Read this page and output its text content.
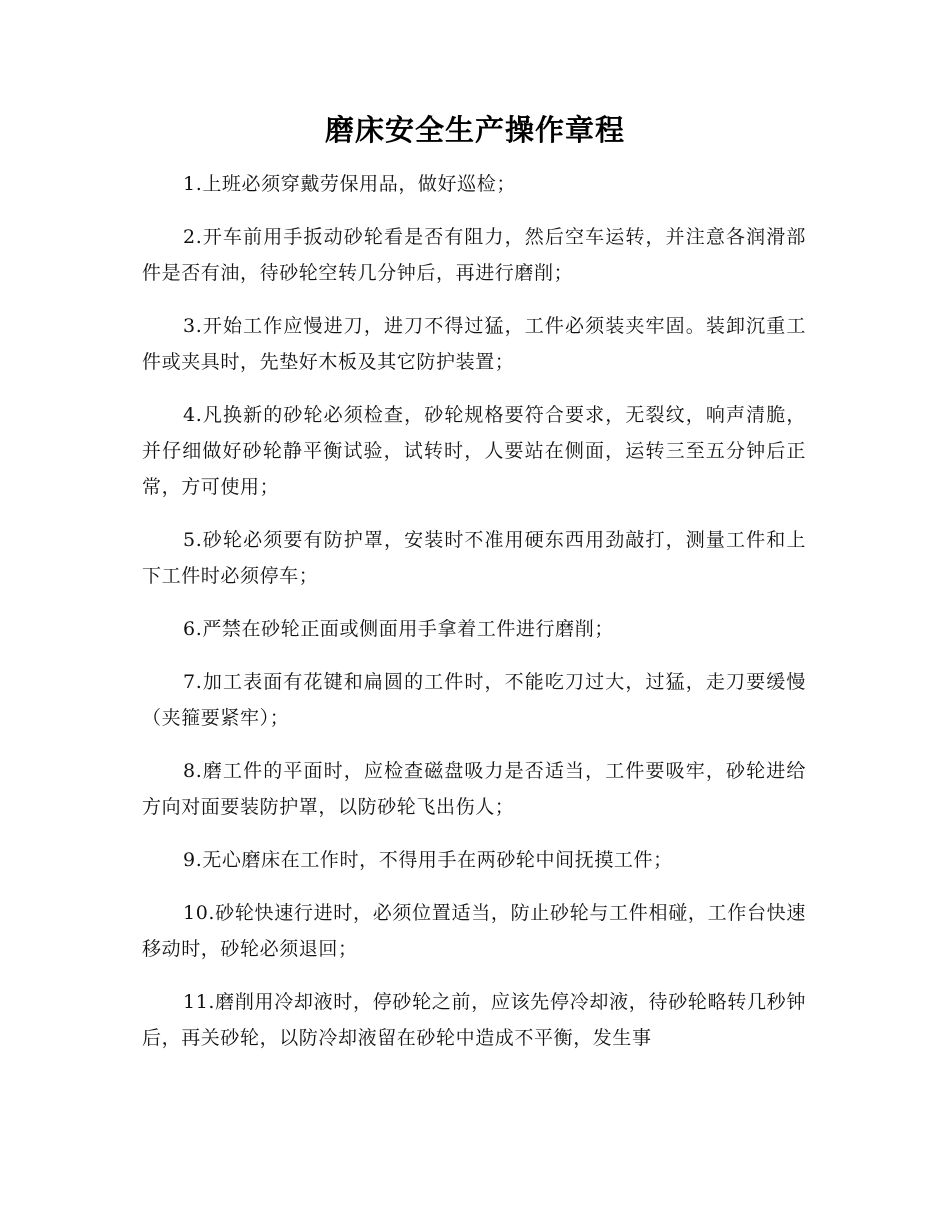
磨床安全生产操作章程

1.上班必须穿戴劳保用品，做好巡检；

2.开车前用手扳动砂轮看是否有阻力，然后空车运转，并注意各润滑部件是否有油，待砂轮空转几分钟后，再进行磨削；

3.开始工作应慢进刀，进刀不得过猛，工件必须装夹牢固。装卸沉重工件或夹具时，先垫好木板及其它防护装置；

4.凡换新的砂轮必须检查，砂轮规格要符合要求，无裂纹，响声清脆，并仔细做好砂轮静平衡试验，试转时，人要站在侧面，运转三至五分钟后正常，方可使用；

5.砂轮必须要有防护罩，安装时不准用硬东西用劲敲打，测量工件和上下工件时必须停车；

6.严禁在砂轮正面或侧面用手拿着工件进行磨削；

7.加工表面有花键和扁圆的工件时，不能吃刀过大，过猛，走刀要缓慢（夹箍要紧牢）；

8.磨工件的平面时，应检查磁盘吸力是否适当，工件要吸牢，砂轮进给方向对面要装防护罩，以防砂轮飞出伤人；

9.无心磨床在工作时，不得用手在两砂轮中间抚摸工件；

10.砂轮快速行进时，必须位置适当，防止砂轮与工件相碰，工作台快速移动时，砂轮必须退回；

11.磨削用冷却液时，停砂轮之前，应该先停冷却液，待砂轮略转几秒钟后，再关砂轮，以防冷却液留在砂轮中造成不平衡，发生事
